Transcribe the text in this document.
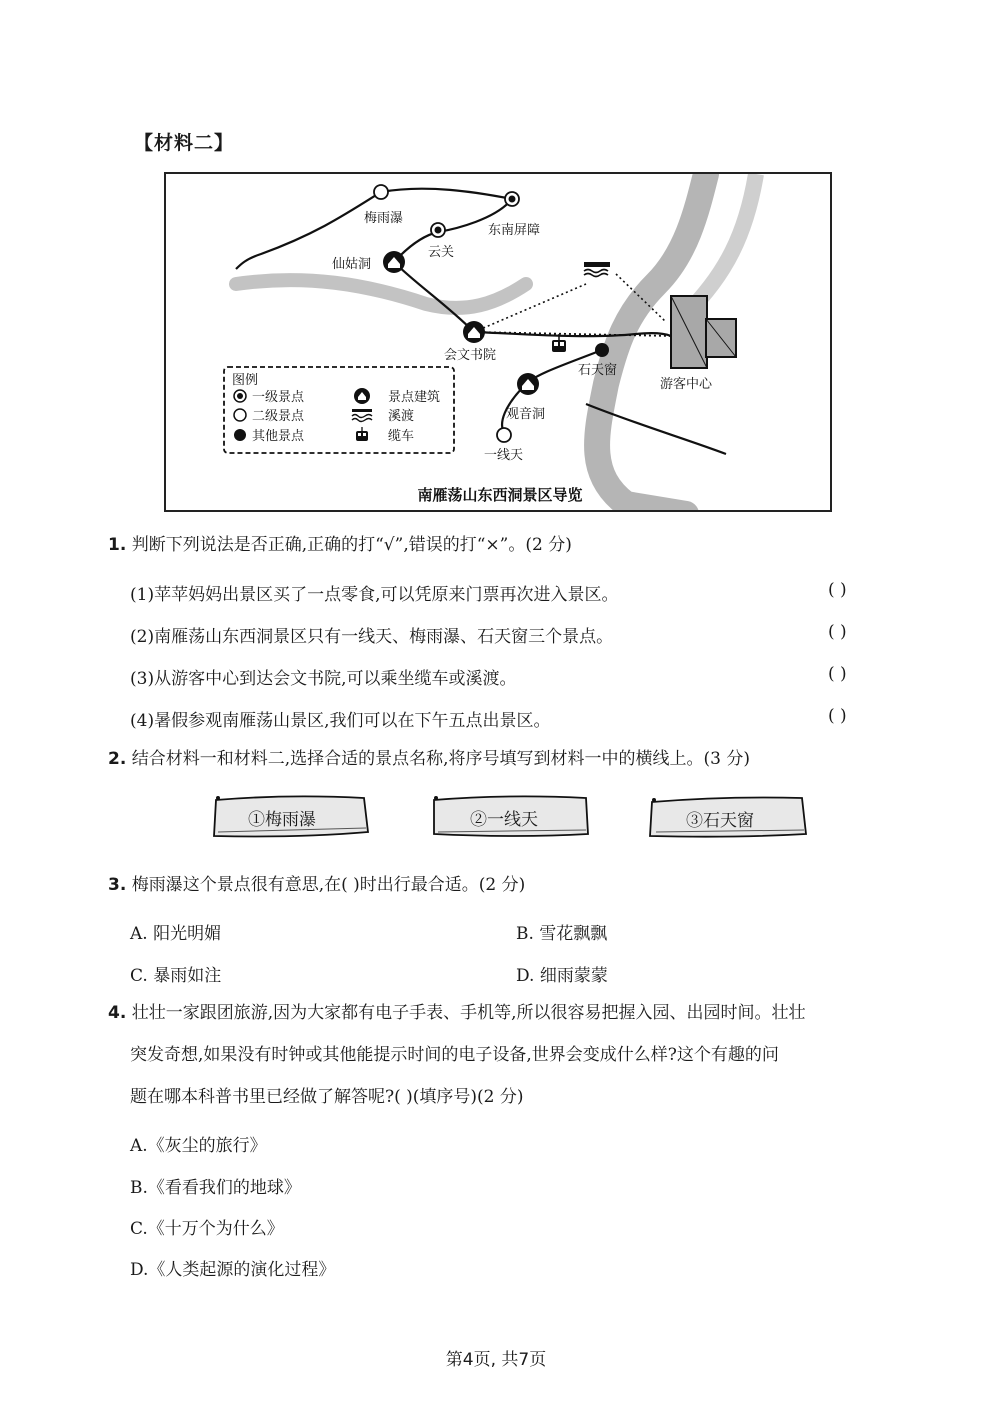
【材料二】
梅雨瀑
东南屏障
云关
仙姑洞
会文书院
石天窗
观音洞
一线天
游客中心
图例
一级景点
二级景点
其他景点
景点建筑
溪渡
缆车
南雁荡山东西洞景区导览
1. 判断下列说法是否正确,正确的打“√”,错误的打“×”。(2 分)
(1)苹苹妈妈出景区买了一点零食,可以凭原来门票再次进入景区。	( )
(2)南雁荡山东西洞景区只有一线天、梅雨瀑、石天窗三个景点。	( )
(3)从游客中心到达会文书院,可以乘坐缆车或溪渡。	( )
(4)暑假参观南雁荡山景区,我们可以在下午五点出景区。	( )
2. 结合材料一和材料二,选择合适的景点名称,将序号填写到材料一中的横线上。(3 分)
①梅雨瀑	②一线天	③石天窗
3. 梅雨瀑这个景点很有意思,在( )时出行最合适。(2 分)
A. 阳光明媚	B. 雪花飘飘
C. 暴雨如注	D. 细雨蒙蒙
4. 壮壮一家跟团旅游,因为大家都有电子手表、手机等,所以很容易把握入园、出园时间。壮壮
突发奇想,如果没有时钟或其他能提示时间的电子设备,世界会变成什么样?这个有趣的问
题在哪本科普书里已经做了解答呢?( )(填序号)(2 分)
A.《灰尘的旅行》
B.《看看我们的地球》
C.《十万个为什么》
D.《人类起源的演化过程》
第4页, 共7页
